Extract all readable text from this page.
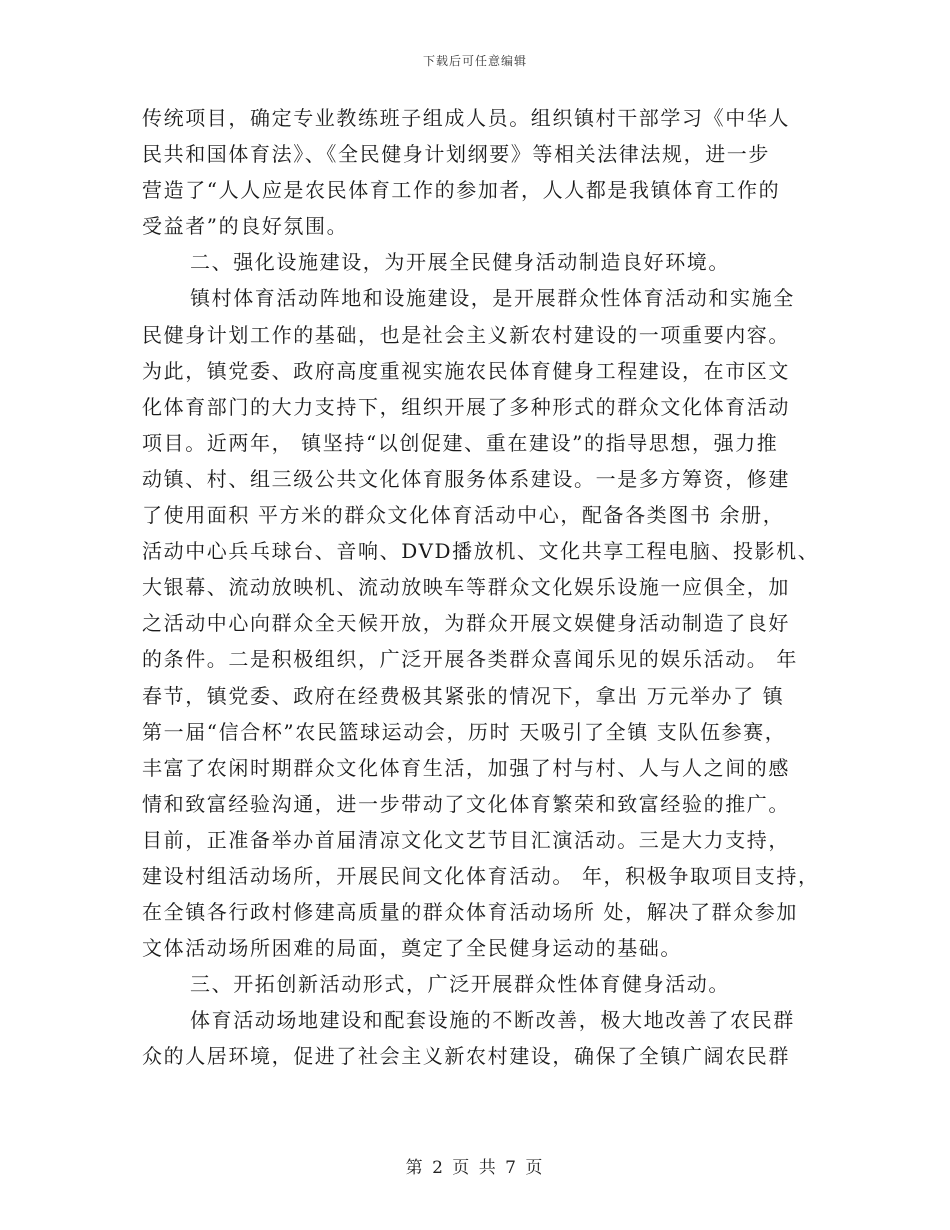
下载后可任意编辑
传统项目，确定专业教练班子组成人员。组织镇村干部学习《中华人
民共和国体育法》、《全民健身计划纲要》等相关法律法规，进一步
营造了“人人应是农民体育工作的参加者，人人都是我镇体育工作的
受益者”的良好氛围。
二、强化设施建设，为开展全民健身活动制造良好环境。
镇村体育活动阵地和设施建设，是开展群众性体育活动和实施全
民健身计划工作的基础，也是社会主义新农村建设的一项重要内容。
为此，镇党委、政府高度重视实施农民体育健身工程建设，在市区文
化体育部门的大力支持下，组织开展了多种形式的群众文化体育活动
项目。近两年， 镇坚持“以创促建、重在建设”的指导思想，强力推
动镇、村、组三级公共文化体育服务体系建设。一是多方筹资，修建
了使用面积 平方米的群众文化体育活动中心，配备各类图书 余册，
活动中心兵乓球台、音响、DVD播放机、文化共享工程电脑、投影机、
大银幕、流动放映机、流动放映车等群众文化娱乐设施一应俱全，加
之活动中心向群众全天候开放，为群众开展文娱健身活动制造了良好
的条件。二是积极组织，广泛开展各类群众喜闻乐见的娱乐活动。 年
春节，镇党委、政府在经费极其紧张的情况下，拿出 万元举办了 镇
第一届“信合杯”农民篮球运动会，历时 天吸引了全镇 支队伍参赛，
丰富了农闲时期群众文化体育生活，加强了村与村、人与人之间的感
情和致富经验沟通，进一步带动了文化体育繁荣和致富经验的推广。
目前，正准备举办首届清凉文化文艺节目汇演活动。三是大力支持，
建设村组活动场所，开展民间文化体育活动。 年，积极争取项目支持，
在全镇各行政村修建高质量的群众体育活动场所 处，解决了群众参加
文体活动场所困难的局面，奠定了全民健身运动的基础。
三、开拓创新活动形式，广泛开展群众性体育健身活动。
体育活动场地建设和配套设施的不断改善，极大地改善了农民群
众的人居环境，促进了社会主义新农村建设，确保了全镇广阔农民群
第 2 页 共 7 页
